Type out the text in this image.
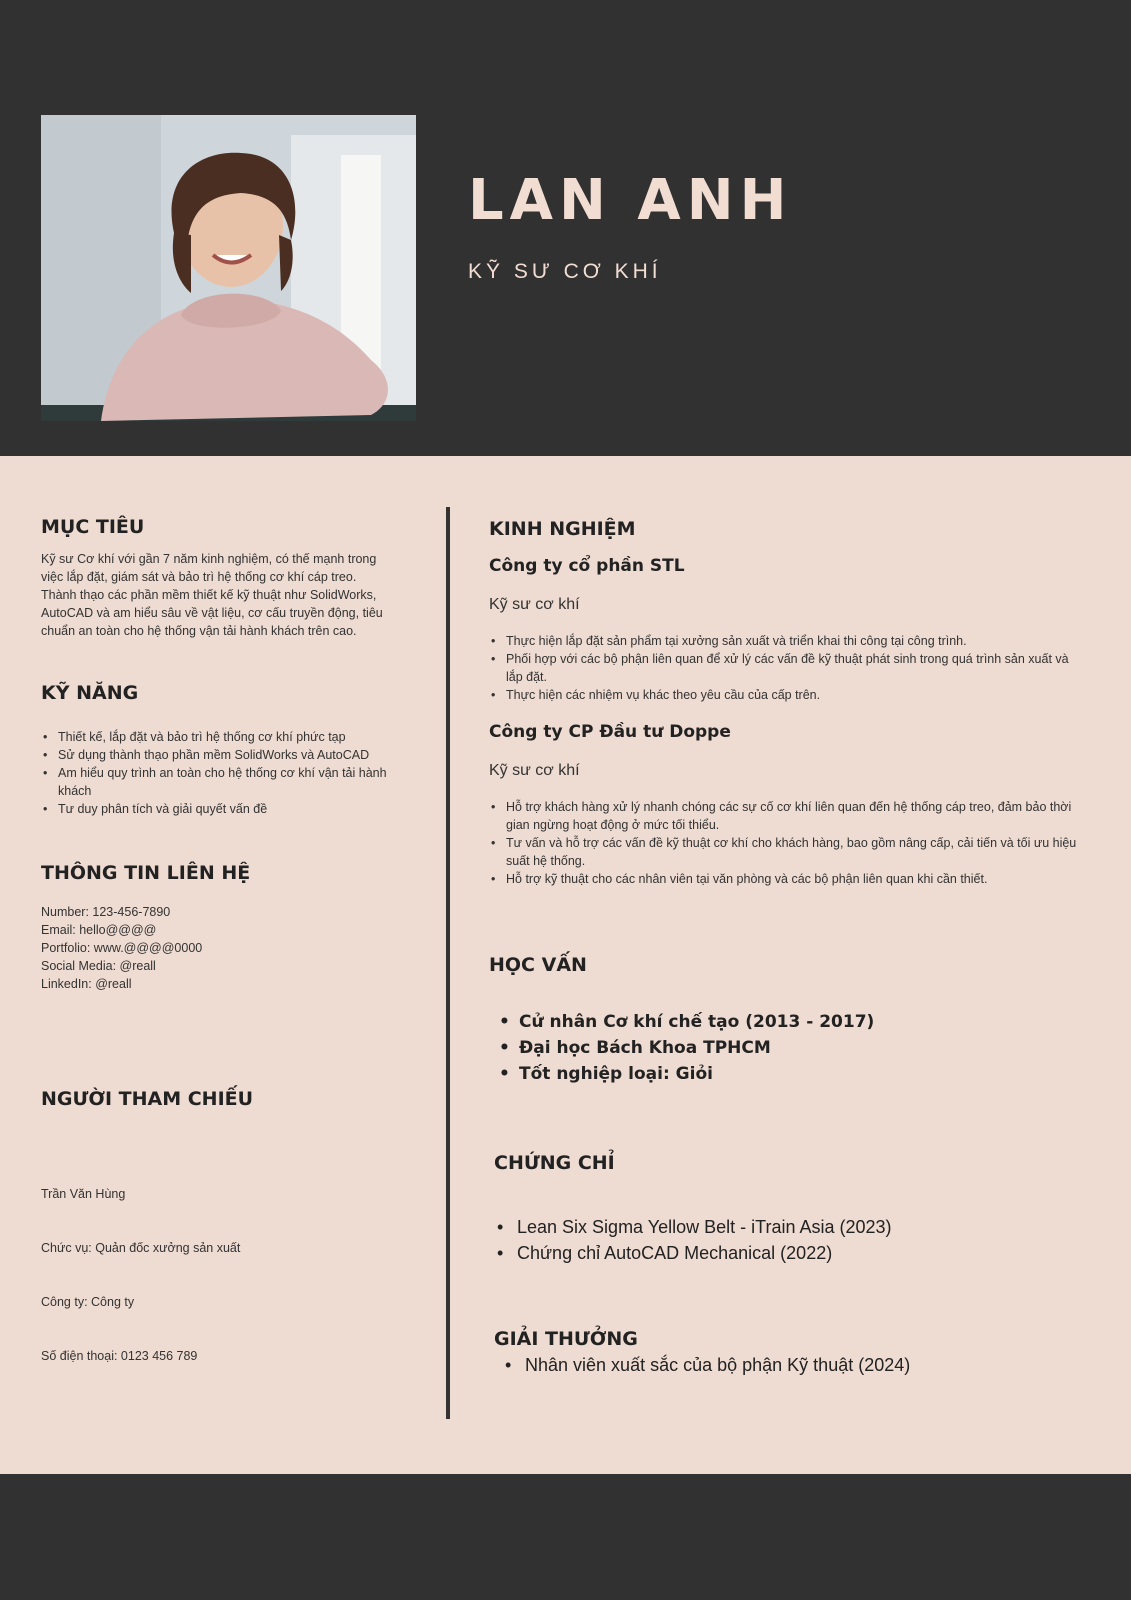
LAN ANH
KỸ SƯ CƠ KHÍ
MỤC TIÊU
Kỹ sư Cơ khí với gần 7 năm kinh nghiệm, có thế mạnh trong
việc lắp đặt, giám sát và bảo trì hệ thống cơ khí cáp treo.
Thành thạo các phần mềm thiết kế kỹ thuật như SolidWorks,
AutoCAD và am hiểu sâu về vật liệu, cơ cấu truyền động, tiêu
chuẩn an toàn cho hệ thống vận tải hành khách trên cao.
KỸ NĂNG
• Thiết kế, lắp đặt và bảo trì hệ thống cơ khí phức tạp
• Sử dụng thành thạo phần mềm SolidWorks và AutoCAD
• Am hiểu quy trình an toàn cho hệ thống cơ khí vận tải hành khách
• Tư duy phân tích và giải quyết vấn đề
THÔNG TIN LIÊN HỆ
Number: 123-456-7890
Email: hello@@@@
Portfolio: www.@@@@0000
Social Media: @reall
LinkedIn: @reall
NGƯỜI THAM CHIẾU

Trần Văn Hùng

Chức vụ: Quản đốc xưởng sản xuất

Công ty: Công ty

Số điện thoại: 0123 456 789

KINH NGHIỆM
Công ty cổ phần STL
Kỹ sư cơ khí
• Thực hiện lắp đặt sản phẩm tại xưởng sản xuất và triển khai thi công tại công trình.
• Phối hợp với các bộ phận liên quan để xử lý các vấn đề kỹ thuật phát sinh trong quá trình sản xuất và lắp đặt.
• Thực hiện các nhiệm vụ khác theo yêu cầu của cấp trên.
Công ty CP Đầu tư Doppe
Kỹ sư cơ khí
• Hỗ trợ khách hàng xử lý nhanh chóng các sự cố cơ khí liên quan đến hệ thống cáp treo, đảm bảo thời gian ngừng hoạt động ở mức tối thiểu.
• Tư vấn và hỗ trợ các vấn đề kỹ thuật cơ khí cho khách hàng, bao gồm nâng cấp, cải tiến và tối ưu hiệu suất hệ thống.
• Hỗ trợ kỹ thuật cho các nhân viên tại văn phòng và các bộ phận liên quan khi cần thiết.
HỌC VẤN
• Cử nhân Cơ khí chế tạo (2013 - 2017)
• Đại học Bách Khoa TPHCM
• Tốt nghiệp loại: Giỏi
CHỨNG CHỈ
• Lean Six Sigma Yellow Belt - iTrain Asia (2023)
• Chứng chỉ AutoCAD Mechanical (2022)
GIẢI THƯỞNG
• Nhân viên xuất sắc của bộ phận Kỹ thuật (2024)
